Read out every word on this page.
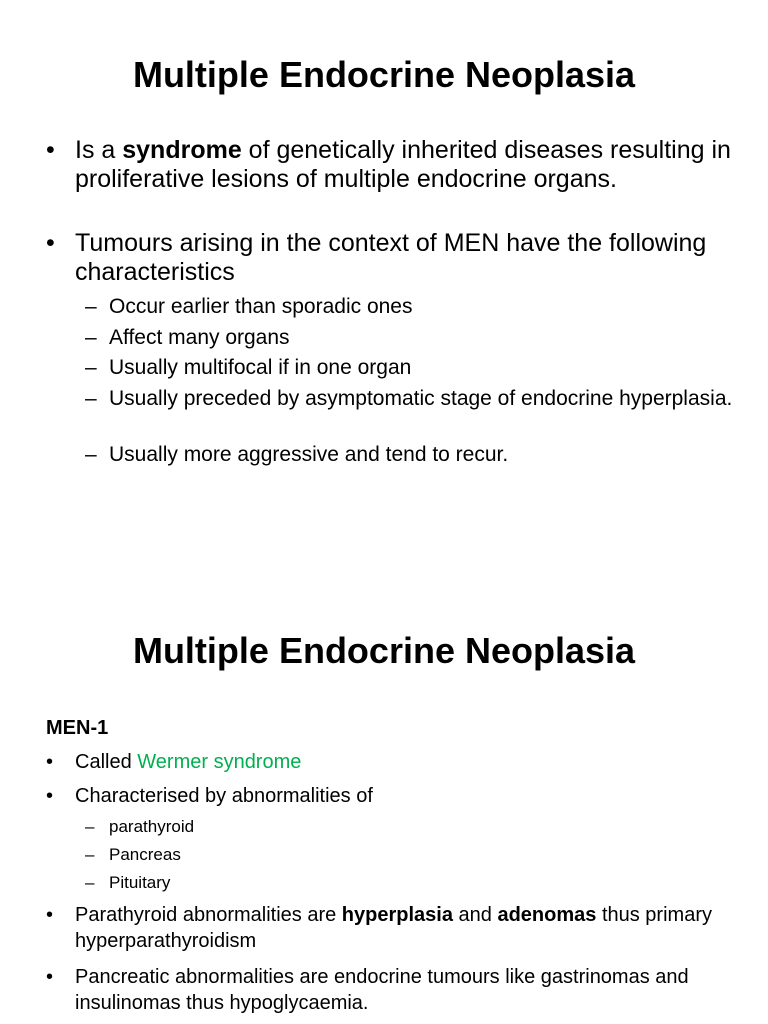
Multiple Endocrine Neoplasia

• Is a syndrome of genetically inherited diseases resulting in proliferative lesions of multiple endocrine organs.

• Tumours arising in the context of MEN have the following characteristics

– Occur earlier than sporadic ones

– Affect many organs

– Usually multifocal if in one organ

– Usually preceded by asymptomatic stage of endocrine hyperplasia.

– Usually more aggressive and tend to recur.

Multiple Endocrine Neoplasia

MEN-1

•	Called Wermer syndrome

•	Characterised by abnormalities of

– parathyroid

– Pancreas

– Pituitary

•	Parathyroid abnormalities are hyperplasia and adenomas thus primary hyperparathyroidism

•	Pancreatic abnormalities are endocrine tumours like gastrinomas and insulinomas thus hypoglycaemia.
